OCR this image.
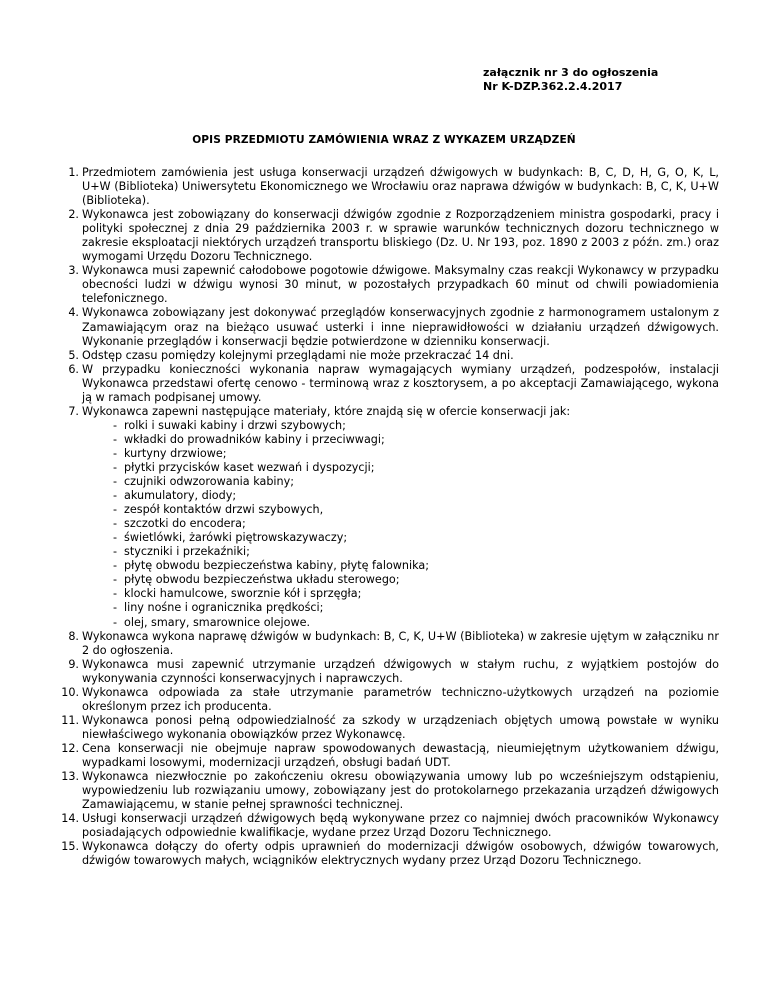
załącznik nr 3 do ogłoszenia
Nr K-DZP.362.2.4.2017
OPIS PRZEDMIOTU ZAMÓWIENIA WRAZ Z WYKAZEM URZĄDZEŃ
1. Przedmiotem zamówienia jest usługa konserwacji urządzeń dźwigowych w budynkach: B, C, D, H, G, O, K, L, U+W (Biblioteka) Uniwersytetu Ekonomicznego we Wrocławiu oraz naprawa dźwigów w budynkach: B, C, K, U+W (Biblioteka).
2. Wykonawca jest zobowiązany do konserwacji dźwigów zgodnie z Rozporządzeniem ministra gospodarki, pracy i polityki społecznej z dnia 29 października 2003 r. w sprawie warunków technicznych dozoru technicznego w zakresie eksploatacji niektórych urządzeń transportu bliskiego (Dz. U. Nr 193, poz. 1890 z 2003 z późn. zm.) oraz wymogami Urzędu Dozoru Technicznego.
3. Wykonawca musi zapewnić całodobowe pogotowie dźwigowe. Maksymalny czas reakcji Wykonawcy w przypadku obecności ludzi w dźwigu wynosi 30 minut, w pozostałych przypadkach 60 minut od chwili powiadomienia telefonicznego.
4. Wykonawca zobowiązany jest dokonywać przeglądów konserwacyjnych zgodnie z harmonogramem ustalonym z Zamawiającym oraz na bieżąco usuwać usterki i inne nieprawidłowości w działaniu urządzeń dźwigowych. Wykonanie przeglądów i konserwacji będzie potwierdzone w dzienniku konserwacji.
5. Odstęp czasu pomiędzy kolejnymi przeglądami nie może przekraczać 14 dni.
6. W przypadku konieczności wykonania napraw wymagających wymiany urządzeń, podzespołów, instalacji Wykonawca przedstawi ofertę cenowo - terminową wraz z kosztorysem, a po akceptacji Zamawiającego, wykona ją w ramach podpisanej umowy.
7. Wykonawca zapewni następujące materiały, które znajdą się w ofercie konserwacji jak:
- rolki i suwaki kabiny i drzwi szybowych;
- wkładki do prowadników kabiny i przeciwwagi;
- kurtyny drzwiowe;
- płytki przycisków kaset wezwań i dyspozycji;
- czujniki odwzorowania kabiny;
- akumulatory, diody;
- zespół kontaktów drzwi szybowych,
- szczotki do encodera;
- świetlówki, żarówki piętrowskazywaczy;
- styczniki i przekaźniki;
- płytę obwodu bezpieczeństwa kabiny, płytę falownika;
- płytę obwodu bezpieczeństwa układu sterowego;
- klocki hamulcowe, sworznie kół i sprzęgła;
- liny nośne i ogranicznika prędkości;
- olej, smary, smarownice olejowe.
8. Wykonawca wykona naprawę dźwigów w budynkach: B, C, K, U+W (Biblioteka) w zakresie ujętym w załączniku nr 2 do ogłoszenia.
9. Wykonawca musi zapewnić utrzymanie urządzeń dźwigowych w stałym ruchu, z wyjątkiem postojów do wykonywania czynności konserwacyjnych i naprawczych.
10. Wykonawca odpowiada za stałe utrzymanie parametrów techniczno-użytkowych urządzeń na poziomie określonym przez ich producenta.
11. Wykonawca ponosi pełną odpowiedzialność za szkody w urządzeniach objętych umową powstałe w wyniku niewłaściwego wykonania obowiązków przez Wykonawcę.
12. Cena konserwacji nie obejmuje napraw spowodowanych dewastacją, nieumiejętnym użytkowaniem dźwigu, wypadkami losowymi, modernizacji urządzeń, obsługi badań UDT.
13. Wykonawca niezwłocznie po zakończeniu okresu obowiązywania umowy lub po wcześniejszym odstąpieniu, wypowiedzeniu lub rozwiązaniu umowy, zobowiązany jest do protokolarnego przekazania urządzeń dźwigowych Zamawiającemu, w stanie pełnej sprawności technicznej.
14. Usługi konserwacji urządzeń dźwigowych będą wykonywane przez co najmniej dwóch pracowników Wykonawcy posiadających odpowiednie kwalifikacje, wydane przez Urząd Dozoru Technicznego.
15. Wykonawca dołączy do oferty odpis uprawnień do modernizacji dźwigów osobowych, dźwigów towarowych, dźwigów towarowych małych, wciągników elektrycznych wydany przez Urząd Dozoru Technicznego.
